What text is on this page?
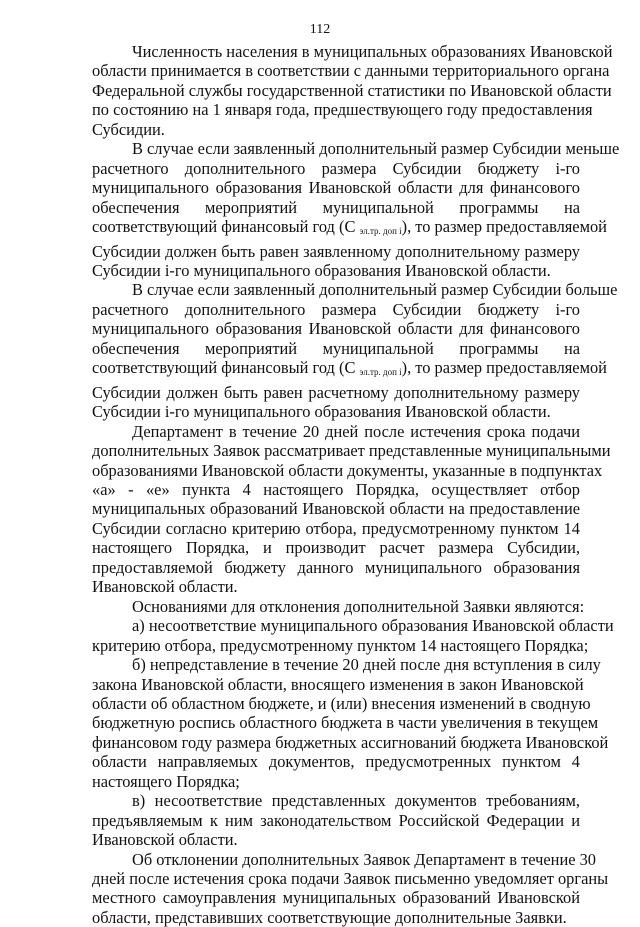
112

Численность населения в муниципальных образованиях Ивановской
области принимается в соответствии с данными территориального органа
Федеральной службы государственной статистики по Ивановской области
по состоянию на 1 января года, предшествующего году предоставления
Субсидии.

В случае если заявленный дополнительный размер Субсидии меньше
расчетного дополнительного размера Субсидии бюджету i-го
муниципального образования Ивановской области для финансового
обеспечения мероприятий муниципальной программы на
соответствующий финансовый год (С $_{эл.тр. доп i}$), то размер предоставляемой
Субсидии должен быть равен заявленному дополнительному размеру
Субсидии i-го муниципального образования Ивановской области.

В случае если заявленный дополнительный размер Субсидии больше
расчетного дополнительного размера Субсидии бюджету i-го
муниципального образования Ивановской области для финансового
обеспечения мероприятий муниципальной программы на
соответствующий финансовый год (С $_{эл.тр. доп i}$), то размер предоставляемой
Субсидии должен быть равен расчетному дополнительному размеру
Субсидии i-го муниципального образования Ивановской области.

Департамент в течение 20 дней после истечения срока подачи
дополнительных Заявок рассматривает представленные муниципальными
образованиями Ивановской области документы, указанные в подпунктах
«а» - «е» пункта 4 настоящего Порядка, осуществляет отбор
муниципальных образований Ивановской области на предоставление
Субсидии согласно критерию отбора, предусмотренному пунктом 14
настоящего Порядка, и производит расчет размера Субсидии,
предоставляемой бюджету данного муниципального образования
Ивановской области.

Основаниями для отклонения дополнительной Заявки являются:

а) несоответствие муниципального образования Ивановской области
критерию отбора, предусмотренному пунктом 14 настоящего Порядка;

б) непредставление в течение 20 дней после дня вступления в силу
закона Ивановской области, вносящего изменения в закон Ивановской
области об областном бюджете, и (или) внесения изменений в сводную
бюджетную роспись областного бюджета в части увеличения в текущем
финансовом году размера бюджетных ассигнований бюджета Ивановской
области направляемых документов, предусмотренных пунктом 4
настоящего Порядка;

в) несоответствие представленных документов требованиям,
предъявляемым к ним законодательством Российской Федерации и
Ивановской области.

Об отклонении дополнительных Заявок Департамент в течение 30
дней после истечения срока подачи Заявок письменно уведомляет органы
местного самоуправления муниципальных образований Ивановской
области, представивших соответствующие дополнительные Заявки.
